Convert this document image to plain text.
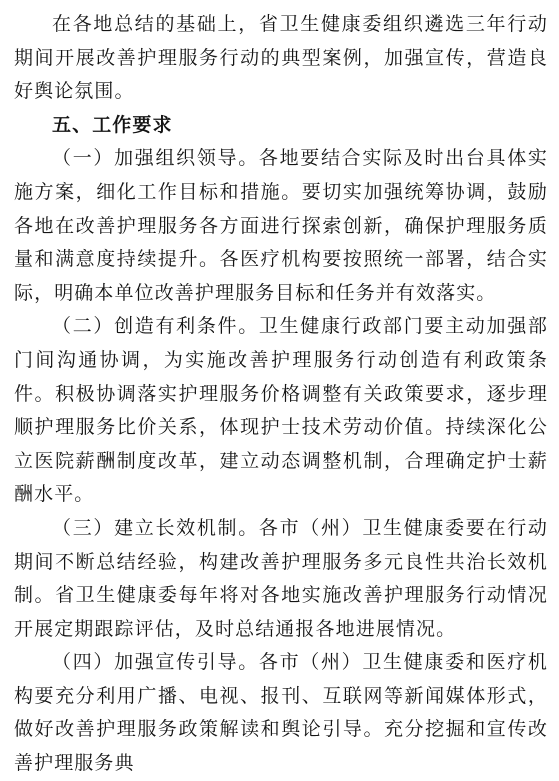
在各地总结的基础上，省卫生健康委组织遴选三年行动期间开展改善护理服务行动的典型案例，加强宣传，营造良好舆论氛围。

五、工作要求

（一）加强组织领导。各地要结合实际及时出台具体实施方案，细化工作目标和措施。要切实加强统筹协调，鼓励各地在改善护理服务各方面进行探索创新，确保护理服务质量和满意度持续提升。各医疗机构要按照统一部署，结合实际，明确本单位改善护理服务目标和任务并有效落实。

（二）创造有利条件。卫生健康行政部门要主动加强部门间沟通协调，为实施改善护理服务行动创造有利政策条件。积极协调落实护理服务价格调整有关政策要求，逐步理顺护理服务比价关系，体现护士技术劳动价值。持续深化公立医院薪酬制度改革，建立动态调整机制，合理确定护士薪酬水平。

（三）建立长效机制。各市（州）卫生健康委要在行动期间不断总结经验，构建改善护理服务多元良性共治长效机制。省卫生健康委每年将对各地实施改善护理服务行动情况开展定期跟踪评估，及时总结通报各地进展情况。

（四）加强宣传引导。各市（州）卫生健康委和医疗机构要充分利用广播、电视、报刊、互联网等新闻媒体形式，做好改善护理服务政策解读和舆论引导。充分挖掘和宣传改善护理服务典
